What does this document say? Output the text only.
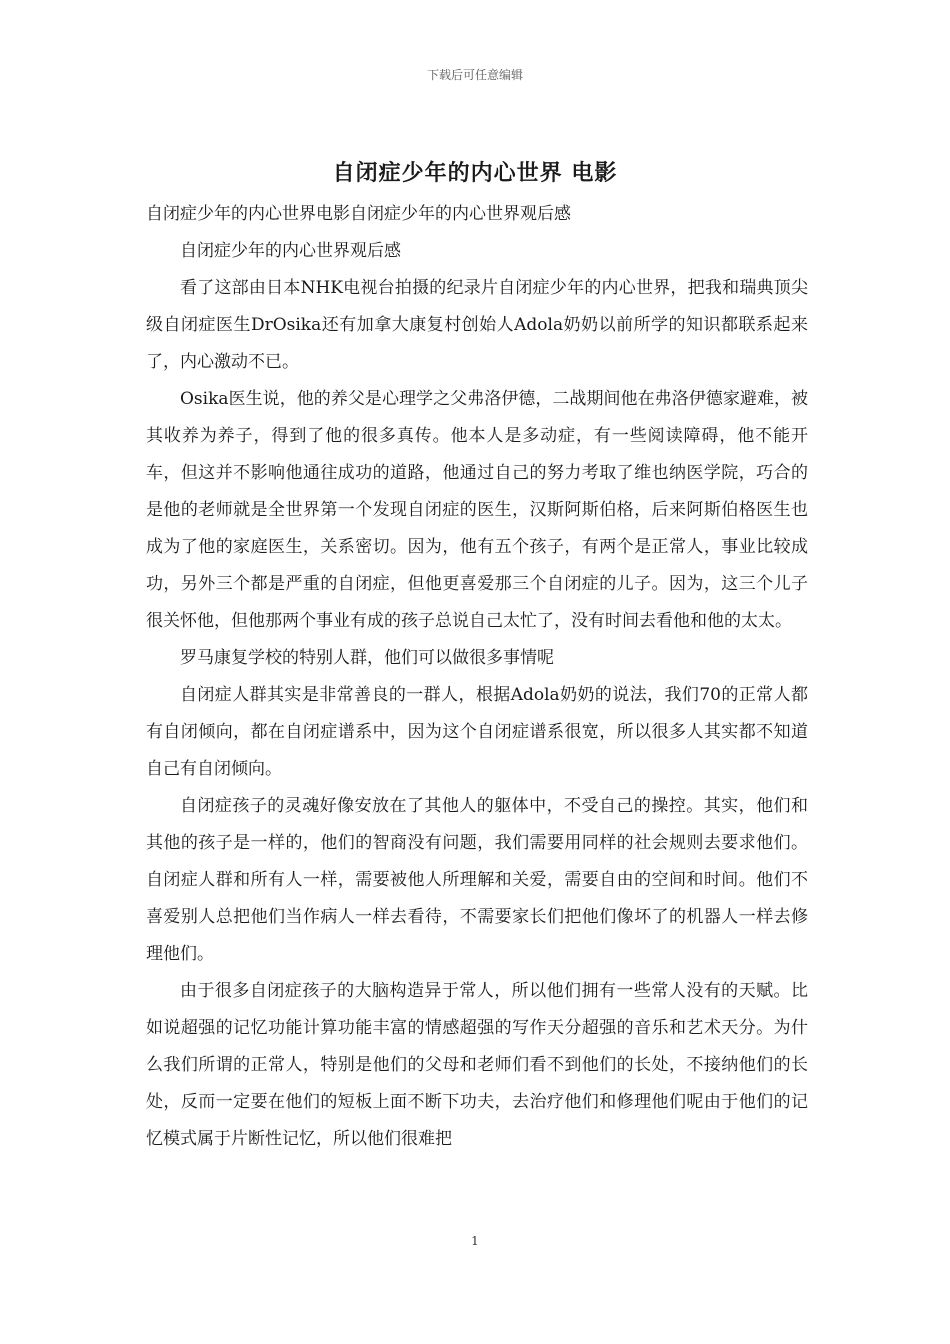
下载后可任意编辑
自闭症少年的内心世界 电影

自闭症少年的内心世界电影自闭症少年的内心世界观后感

自闭症少年的内心世界观后感

看了这部由日本NHK电视台拍摄的纪录片自闭症少年的内心世界，把我和瑞典顶尖级自闭症医生DrOsika还有加拿大康复村创始人Adola奶奶以前所学的知识都联系起来了，内心激动不已。

Osika医生说，他的养父是心理学之父弗洛伊德，二战期间他在弗洛伊德家避难，被其收养为养子，得到了他的很多真传。他本人是多动症，有一些阅读障碍，他不能开车，但这并不影响他通往成功的道路，他通过自己的努力考取了维也纳医学院，巧合的是他的老师就是全世界第一个发现自闭症的医生，汉斯阿斯伯格，后来阿斯伯格医生也成为了他的家庭医生，关系密切。因为，他有五个孩子，有两个是正常人，事业比较成功，另外三个都是严重的自闭症，但他更喜爱那三个自闭症的儿子。因为，这三个儿子很关怀他，但他那两个事业有成的孩子总说自己太忙了，没有时间去看他和他的太太。

罗马康复学校的特别人群，他们可以做很多事情呢

自闭症人群其实是非常善良的一群人，根据Adola奶奶的说法，我们70的正常人都有自闭倾向，都在自闭症谱系中，因为这个自闭症谱系很宽，所以很多人其实都不知道自己有自闭倾向。

自闭症孩子的灵魂好像安放在了其他人的躯体中，不受自己的操控。其实，他们和其他的孩子是一样的，他们的智商没有问题，我们需要用同样的社会规则去要求他们。自闭症人群和所有人一样，需要被他人所理解和关爱，需要自由的空间和时间。他们不喜爱别人总把他们当作病人一样去看待，不需要家长们把他们像坏了的机器人一样去修理他们。

由于很多自闭症孩子的大脑构造异于常人，所以他们拥有一些常人没有的天赋。比如说超强的记忆功能计算功能丰富的情感超强的写作天分超强的音乐和艺术天分。为什么我们所谓的正常人，特别是他们的父母和老师们看不到他们的长处，不接纳他们的长处，反而一定要在他们的短板上面不断下功夫，去治疗他们和修理他们呢由于他们的记忆模式属于片断性记忆，所以他们很难把

1
